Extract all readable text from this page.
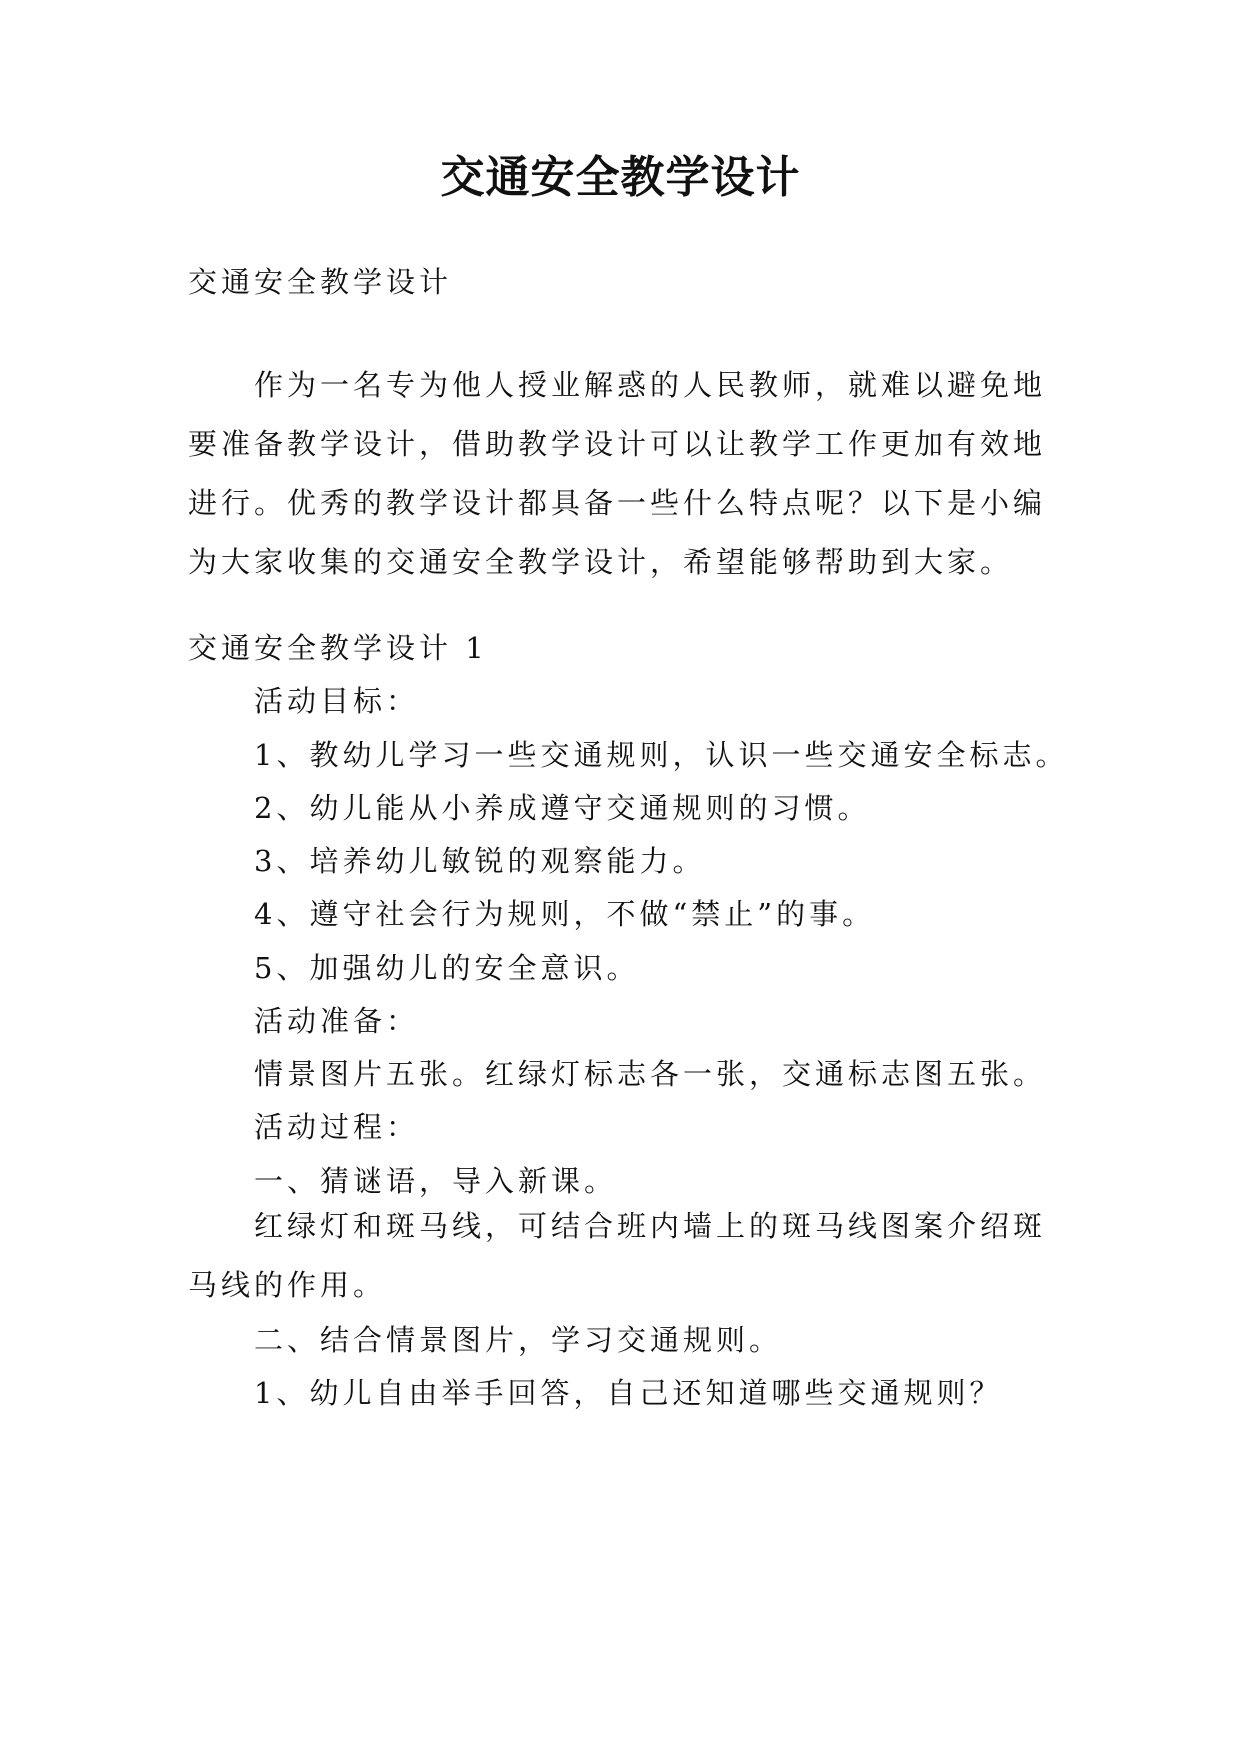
交通安全教学设计

交通安全教学设计

作为一名专为他人授业解惑的人民教师，就难以避免地要准备教学设计，借助教学设计可以让教学工作更加有效地进行。优秀的教学设计都具备一些什么特点呢？以下是小编为大家收集的交通安全教学设计，希望能够帮助到大家。

交通安全教学设计 1

活动目标：

1、教幼儿学习一些交通规则，认识一些交通安全标志。

2、幼儿能从小养成遵守交通规则的习惯。

3、培养幼儿敏锐的观察能力。

4、遵守社会行为规则，不做“禁止”的事。

5、加强幼儿的安全意识。

活动准备：

情景图片五张。红绿灯标志各一张，交通标志图五张。

活动过程：

一、猜谜语，导入新课。

红绿灯和斑马线，可结合班内墙上的斑马线图案介绍斑马线的作用。

二、结合情景图片，学习交通规则。

1、幼儿自由举手回答，自己还知道哪些交通规则？
